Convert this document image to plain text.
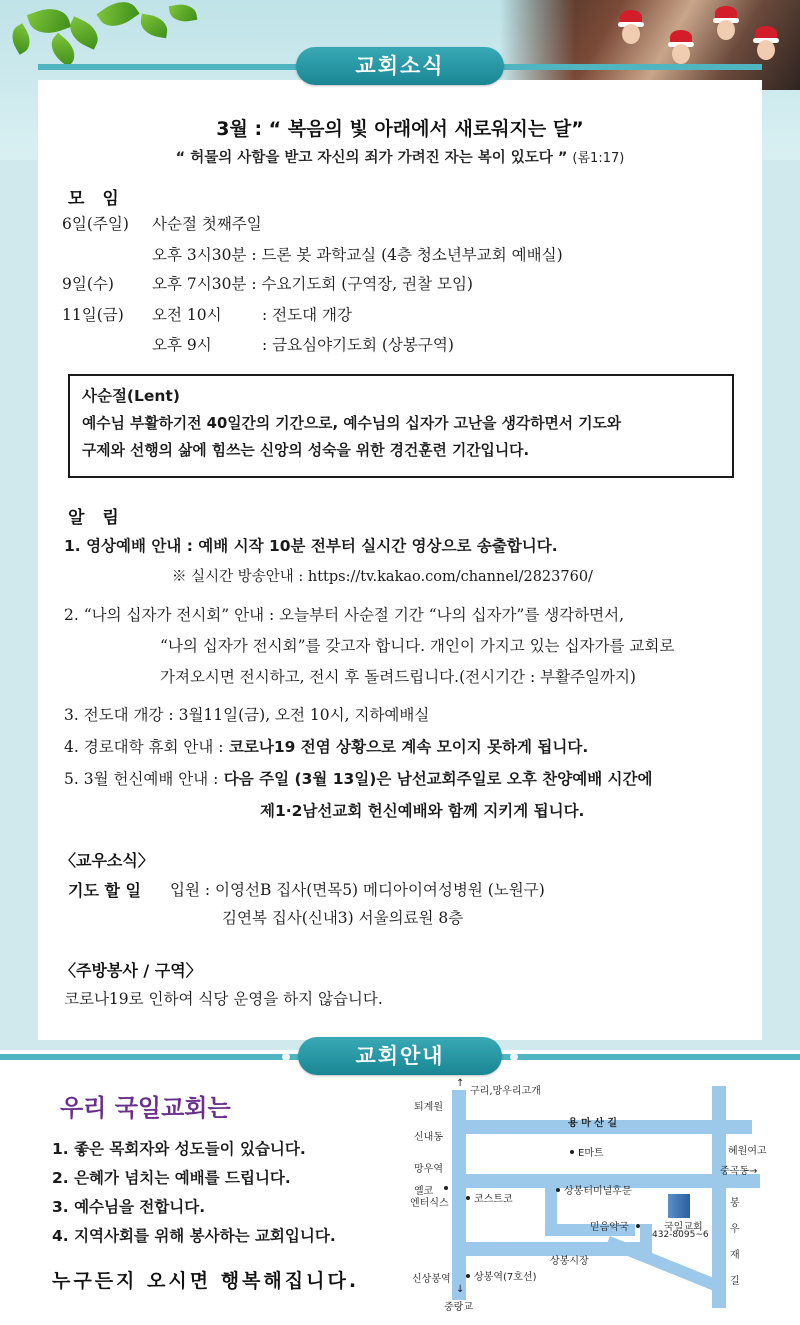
교회소식
3월 : “ 복음의 빛 아래에서 새로워지는 달”
“ 허물의 사함을 받고 자신의 죄가 가려진 자는 복이 있도다 ” (롬1:17)
모 임
6일(주일) 사순절 첫째주일
오후 3시30분 : 드론 봇 과학교실 (4층 청소년부교회 예배실)
9일(수) 오후 7시30분 : 수요기도회 (구역장, 권찰 모임)
11일(금) 오전 10시	: 전도대 개강
오후 9시	: 금요심야기도회 (상봉구역)
사순절(Lent)
예수님 부활하기전 40일간의 기간으로, 예수님의 십자가 고난을 생각하면서 기도와
구제와 선행의 삶에 힘쓰는 신앙의 성숙을 위한 경건훈련 기간입니다.
알 림
1. 영상예배 안내 : 예배 시작 10분 전부터 실시간 영상으로 송출합니다.
※ 실시간 방송안내 : https://tv.kakao.com/channel/2823760/
2. “나의 십자가 전시회” 안내 : 오늘부터 사순절 기간 “나의 십자가”를 생각하면서,
“나의 십자가 전시회”를 갖고자 합니다. 개인이 가지고 있는 십자가를 교회로
가져오시면 전시하고, 전시 후 돌려드립니다.(전시기간 : 부활주일까지)
3. 전도대 개강 : 3월11일(금), 오전 10시, 지하예배실
4. 경로대학 휴회 안내 : 코로나19 전염 상황으로 계속 모이지 못하게 됩니다.
5. 3월 헌신예배 안내 : 다음 주일 (3월 13일)은 남선교회주일로 오후 찬양예배 시간에
제1·2남선교회 헌신예배와 함께 지키게 됩니다.
〈교우소식〉
기도 할 일 입원 : 이영선B 집사(면목5) 메디아이여성병원 (노원구)
김연복 집사(신내3) 서울의료원 8층
〈주방봉사 / 구역〉
코로나19로 인하여 식당 운영을 하지 않습니다.
교회안내
우리 국일교회는
1. 좋은 목회자와 성도들이 있습니다.
2. 은혜가 넘치는 예배를 드립니다.
3. 예수님을 전합니다.
4. 지역사회를 위해 봉사하는 교회입니다.
누구든지 오시면 행복해집니다.
↑
구리,망우리고개
퇴계원
용 마 산 길
신내동
E마트	혜원여고
망우역	중곡동→
옐코
엔터식스	코스트코
상봉터미널후문
국일교회
432-8095~6
믿음약국
봉
우
재
길
상봉시장
신상봉역 상봉역(7호선)
↓
중랑교
